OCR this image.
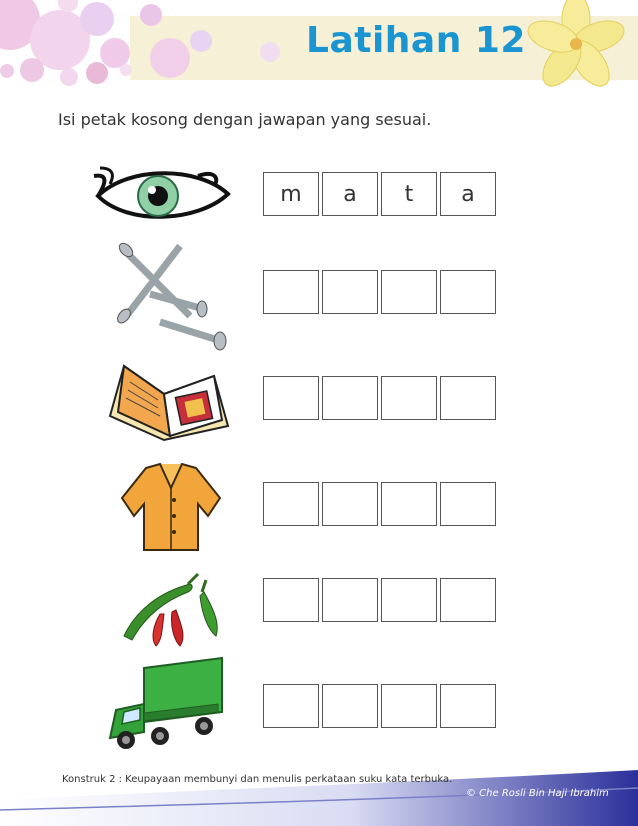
Latihan 12
Isi petak kosong dengan jawapan yang sesuai.
m	a	t	a
Konstruk 2 : Keupayaan membunyi dan menulis perkataan suku kata terbuka.
© Che Rosli Bin Haji Ibrahim
